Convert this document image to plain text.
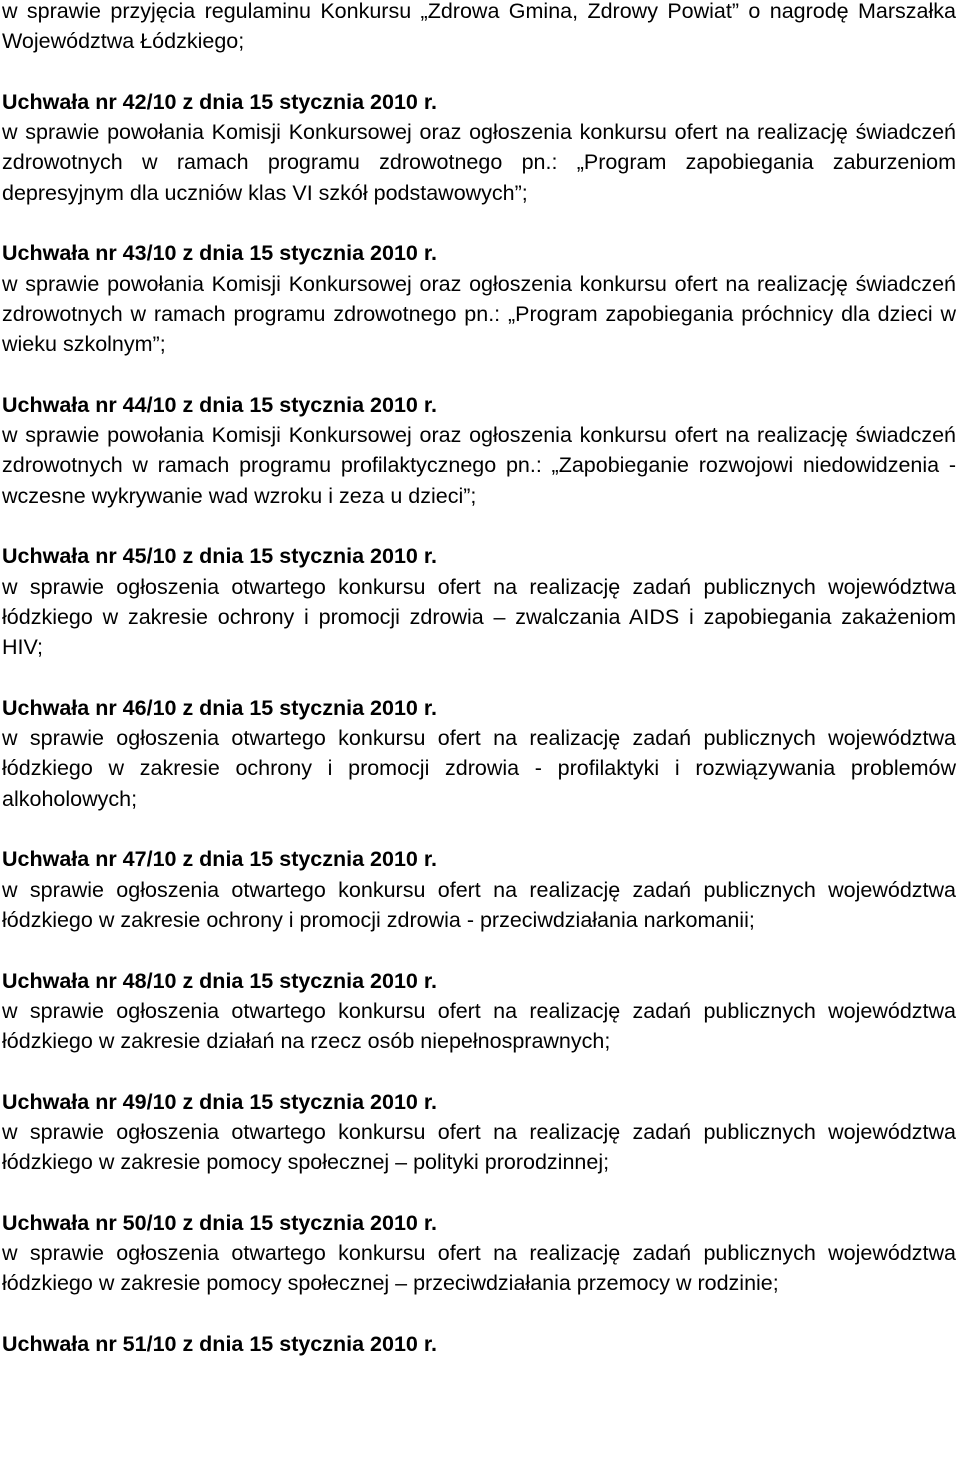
w sprawie przyjęcia regulaminu Konkursu „Zdrowa Gmina, Zdrowy Powiat” o nagrodę Marszałka Województwa Łódzkiego;

Uchwała nr 42/10 z dnia 15 stycznia 2010 r.

w sprawie powołania Komisji Konkursowej oraz ogłoszenia konkursu ofert na realizację świadczeń zdrowotnych w ramach programu zdrowotnego pn.: „Program zapobiegania zaburzeniom depresyjnym dla uczniów klas VI szkół podstawowych”;

Uchwała nr 43/10 z dnia 15 stycznia 2010 r.

w sprawie powołania Komisji Konkursowej oraz ogłoszenia konkursu ofert na realizację świadczeń zdrowotnych w ramach programu zdrowotnego pn.: „Program zapobiegania próchnicy dla dzieci w wieku szkolnym”;

Uchwała nr 44/10 z dnia 15 stycznia 2010 r.

w sprawie powołania Komisji Konkursowej oraz ogłoszenia konkursu ofert na realizację świadczeń zdrowotnych w ramach programu profilaktycznego pn.: „Zapobieganie rozwojowi niedowidzenia - wczesne wykrywanie wad wzroku i zeza u dzieci”;

Uchwała nr 45/10 z dnia 15 stycznia 2010 r.

w sprawie ogłoszenia otwartego konkursu ofert na realizację zadań publicznych województwa łódzkiego w zakresie ochrony i promocji zdrowia – zwalczania AIDS i zapobiegania zakażeniom HIV;

Uchwała nr 46/10 z dnia 15 stycznia 2010 r.

w sprawie ogłoszenia otwartego konkursu ofert na realizację zadań publicznych województwa łódzkiego w zakresie ochrony i promocji zdrowia - profilaktyki i rozwiązywania problemów alkoholowych;

Uchwała nr 47/10 z dnia 15 stycznia 2010 r.

w sprawie ogłoszenia otwartego konkursu ofert na realizację zadań publicznych województwa łódzkiego w zakresie ochrony i promocji zdrowia - przeciwdziałania narkomanii;

Uchwała nr 48/10 z dnia 15 stycznia 2010 r.

w sprawie ogłoszenia otwartego konkursu ofert na realizację zadań publicznych województwa łódzkiego w zakresie działań na rzecz osób niepełnosprawnych;

Uchwała nr 49/10 z dnia 15 stycznia 2010 r.

w sprawie ogłoszenia otwartego konkursu ofert na realizację zadań publicznych województwa łódzkiego w zakresie pomocy społecznej – polityki prorodzinnej;

Uchwała nr 50/10 z dnia 15 stycznia 2010 r.

w sprawie ogłoszenia otwartego konkursu ofert na realizację zadań publicznych województwa łódzkiego w zakresie pomocy społecznej – przeciwdziałania przemocy w rodzinie;

Uchwała nr 51/10 z dnia 15 stycznia 2010 r.
